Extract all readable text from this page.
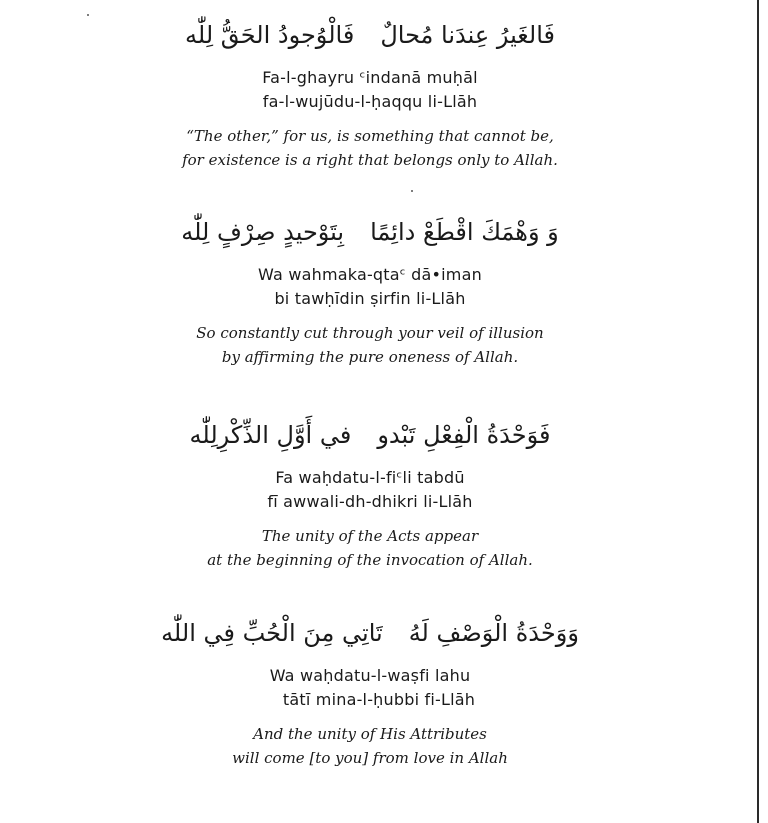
فَالغَيرُ عِندَنا مُحالٌفَالْوُجودُ الحَقُّ لِلّٰه
Fa-l-ghayru ᶜindanā muḥāl
fa-l-wujūdu-l-ḥaqqu li-Llāh
“The other,” for us, is something that cannot be,
for existence is a right that belongs only to Allah.
وَ وَهْمَكَ اقْطَعْ دائِمًابِتَوْحيدٍ صِرْفٍ لِلّٰه
Wa wahmaka-qtaᶜ dā•iman
bi tawḥīdin ṣirfin li-Llāh
So constantly cut through your veil of illusion
by affirming the pure oneness of Allah.
فَوَحْدَةُ الْفِعْلِ تَبْدوفي أَوَّلِ الذِّكْرِلِلّٰه
Fa waḥdatu-l-fiᶜli tabdū
fī awwali-dh-dhikri li-Llāh
The unity of the Acts appear
at the beginning of the invocation of Allah.
وَوَحْدَةُ الْوَصْفِ لَهُتَاتِي مِنَ الْحُبِّ فِي اللّٰه
Wa waḥdatu-l-waṣfi lahu
tātī mina-l-ḥubbi fi-Llāh
And the unity of His Attributes
will come [to you] from love in Allah
